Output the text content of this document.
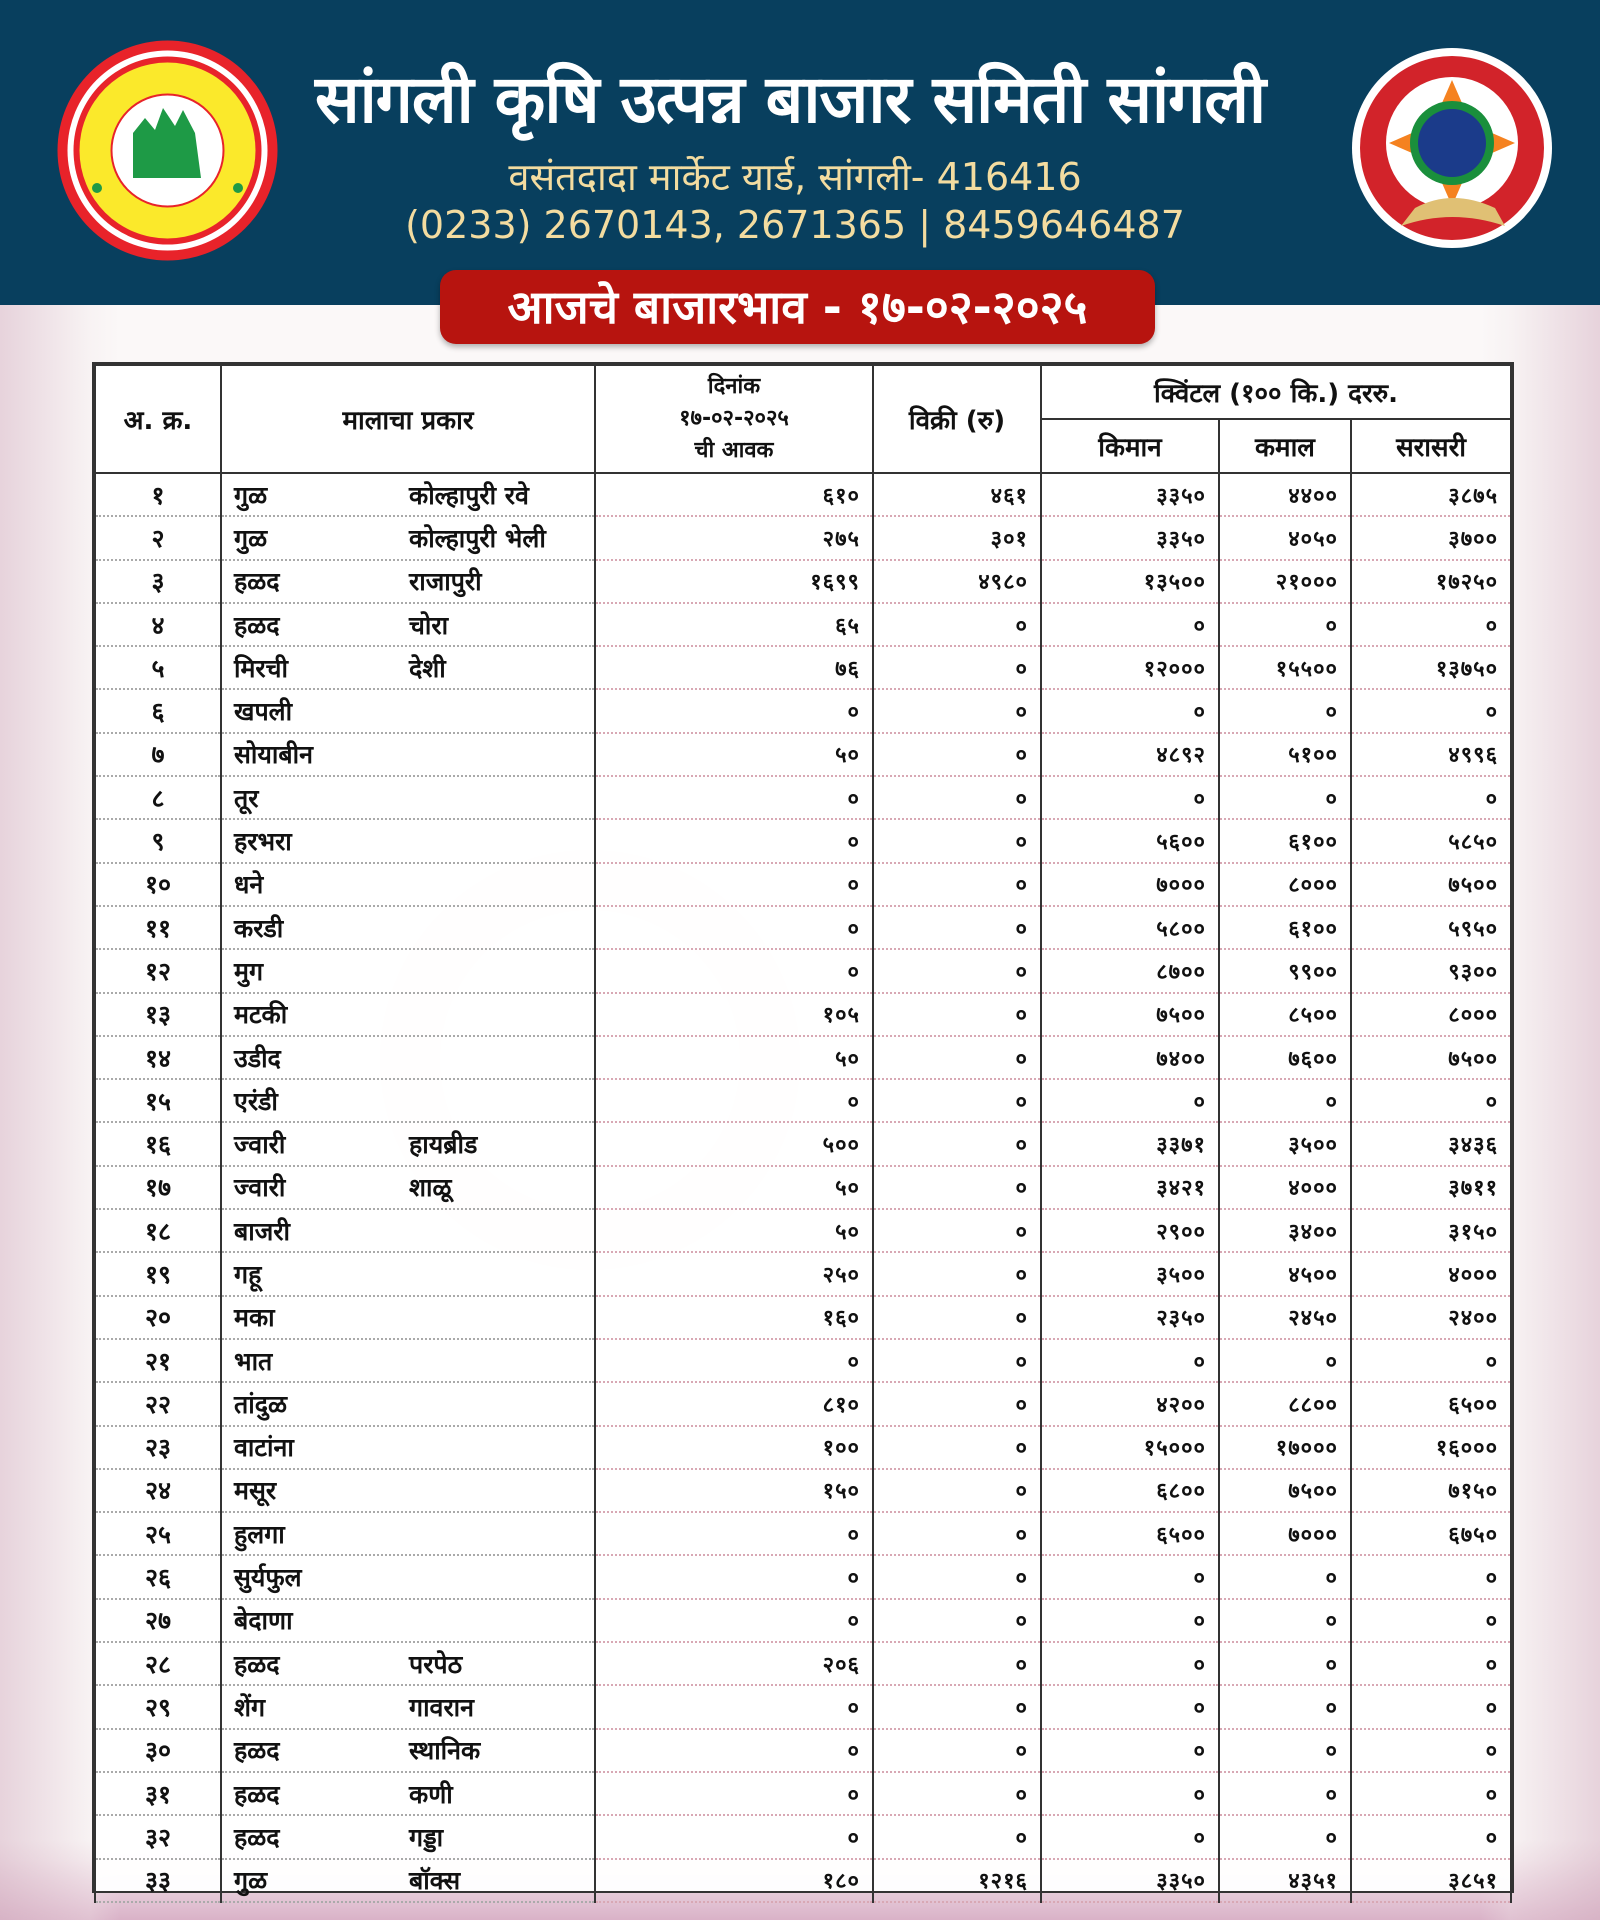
सांगली कृषि उत्पन्न बाजार समिती सांगली
वसंतदादा मार्केट यार्ड, सांगली- 416416
(0233) 2670143, 2671365 | 8459646487
आजचे बाजारभाव - १७-०२-२०२५
अ. क्र.	मालाचा प्रकार	दिनांक
१७-०२-२०२५
ची आवक	विक्री (रु)	क्विंटल (१०० कि.) दररु.		
				किमान	कमाल	सरासरी
१	गुळ कोल्हापुरी रवे	६१०	४६१	३३५०	४४००	३८७५
२	गुळ कोल्हापुरी भेली	२७५	३०१	३३५०	४०५०	३७००
३	हळद राजापुरी	१६९९	४९८०	१३५००	२१०००	१७२५०
४	हळद चोरा	६५	०	०	०	०
५	मिरची देशी	७६	०	१२०००	१५५००	१३७५०
६	खपली	०	०	०	०	०
७	सोयाबीन	५०	०	४८९२	५१००	४९९६
८	तूर	०	०	०	०	०
९	हरभरा	०	०	५६००	६१००	५८५०
१०	धने	०	०	७०००	८०००	७५००
११	करडी	०	०	५८००	६१००	५९५०
१२	मुग	०	०	८७००	९९००	९३००
१३	मटकी	१०५	०	७५००	८५००	८०००
१४	उडीद	५०	०	७४००	७६००	७५००
१५	एरंडी	०	०	०	०	०
१६	ज्वारी हायब्रीड	५००	०	३३७१	३५००	३४३६
१७	ज्वारी शाळू	५०	०	३४२१	४०००	३७११
१८	बाजरी	५०	०	२९००	३४००	३१५०
१९	गहू	२५०	०	३५००	४५००	४०००
२०	मका	१६०	०	२३५०	२४५०	२४००
२१	भात	०	०	०	०	०
२२	तांदुळ	८१०	०	४२००	८८००	६५००
२३	वाटांना	१००	०	१५०००	१७०००	१६०००
२४	मसूर	१५०	०	६८००	७५००	७१५०
२५	हुलगा	०	०	६५००	७०००	६७५०
२६	सुर्यफुल	०	०	०	०	०
२७	बेदाणा	०	०	०	०	०
२८	हळद परपेठ	२०६	०	०	०	०
२९	शेंग गावरान	०	०	०	०	०
३०	हळद स्थानिक	०	०	०	०	०
३१	हळद कणी	०	०	०	०	०
३२	हळद गड्डा	०	०	०	०	०
३३	गुळ बॉक्स	१८०	१२१६	३३५०	४३५१	३८५१
